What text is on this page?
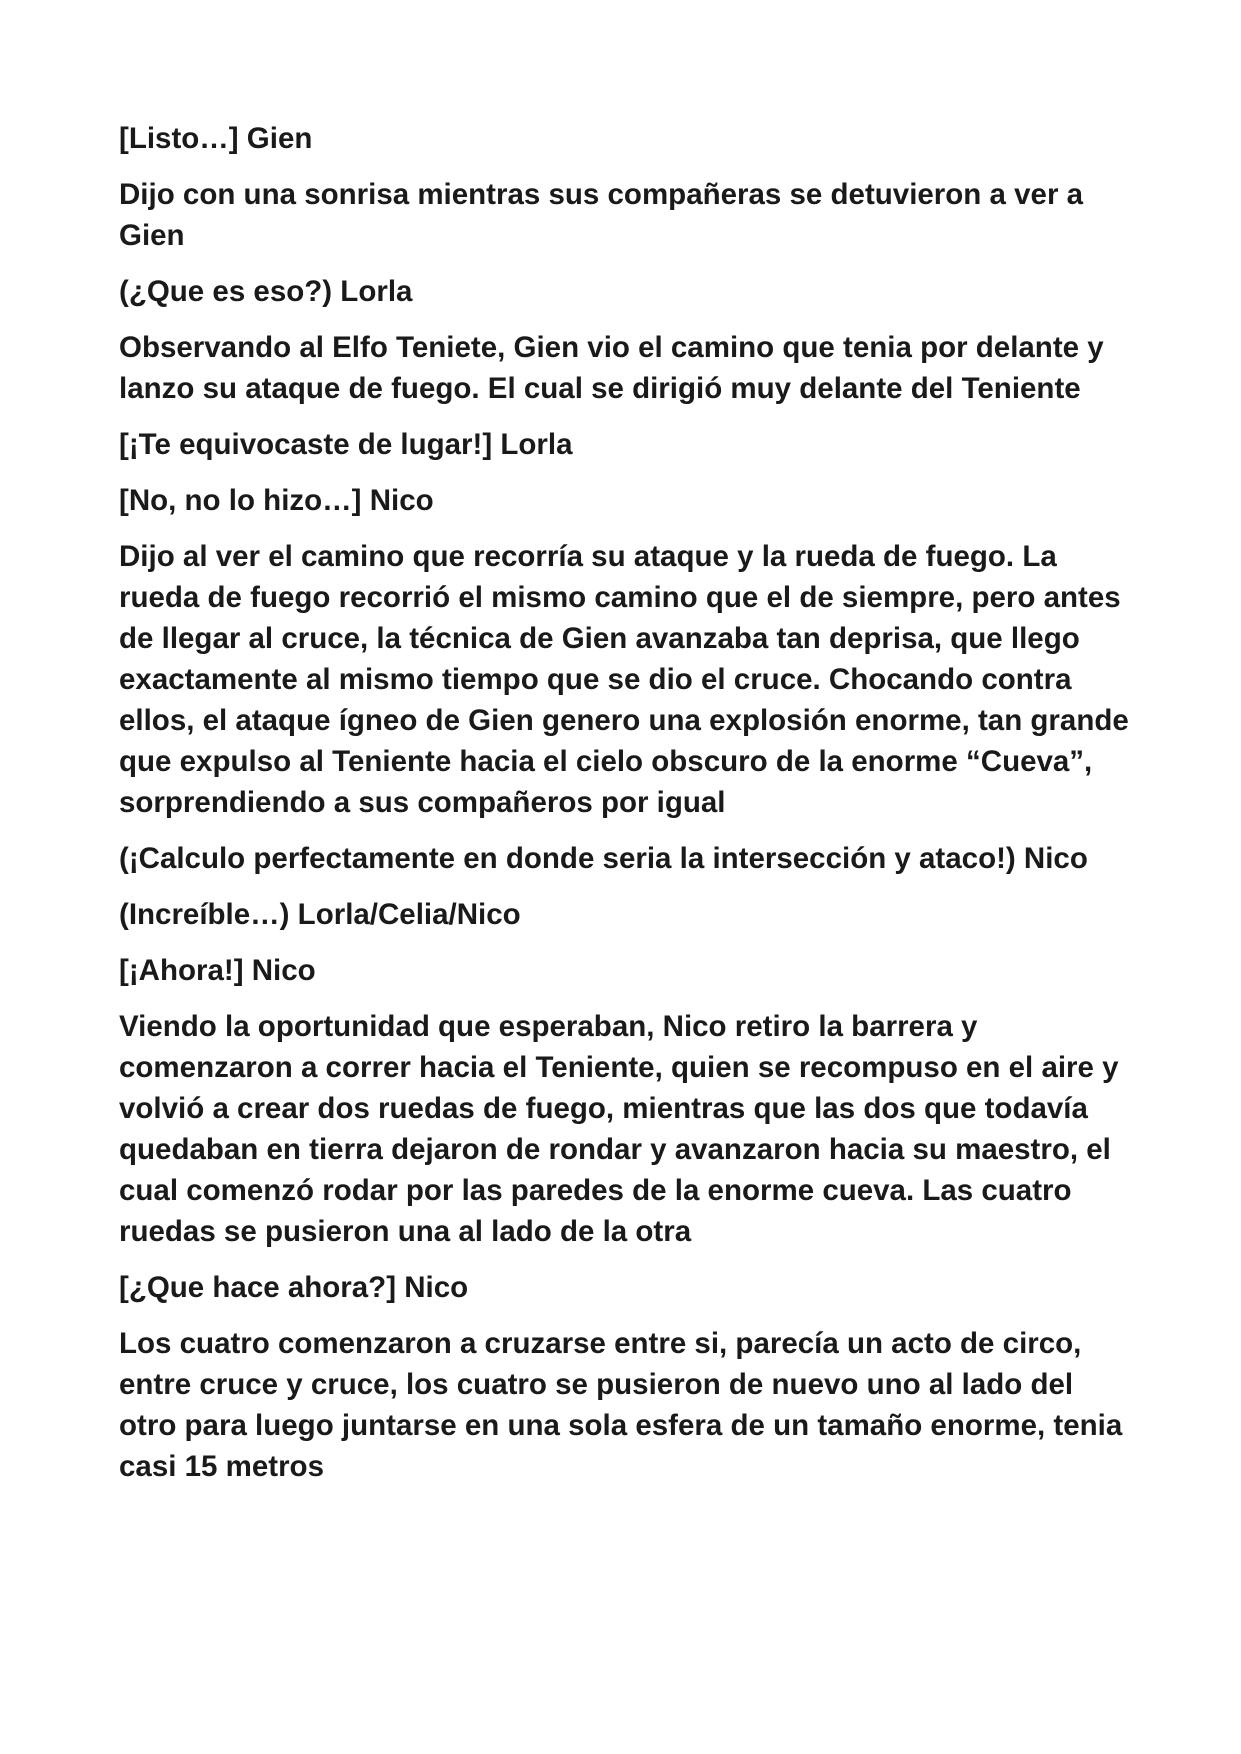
[Listo…] Gien

Dijo con una sonrisa mientras sus compañeras se detuvieron a ver a Gien

(¿Que es eso?) Lorla

Observando al Elfo Teniete, Gien vio el camino que tenia por delante y lanzo su ataque de fuego. El cual se dirigió muy delante del Teniente

[¡Te equivocaste de lugar!] Lorla

[No, no lo hizo…] Nico

Dijo al ver el camino que recorría su ataque y la rueda de fuego. La rueda de fuego recorrió el mismo camino que el de siempre, pero antes de llegar al cruce, la técnica de Gien avanzaba tan deprisa, que llego exactamente al mismo tiempo que se dio el cruce. Chocando contra ellos, el ataque ígneo de Gien genero una explosión enorme, tan grande que expulso al Teniente hacia el cielo obscuro de la enorme “Cueva”, sorprendiendo a sus compañeros por igual

(¡Calculo perfectamente en donde seria la intersección y ataco!) Nico

(Increíble…) Lorla/Celia/Nico

[¡Ahora!] Nico

Viendo la oportunidad que esperaban, Nico retiro la barrera y comenzaron a correr hacia el Teniente, quien se recompuso en el aire y volvió a crear dos ruedas de fuego, mientras que las dos que todavía quedaban en tierra dejaron de rondar y avanzaron hacia su maestro, el cual comenzó rodar por las paredes de la enorme cueva. Las cuatro ruedas se pusieron una al lado de la otra

[¿Que hace ahora?] Nico

Los cuatro comenzaron a cruzarse entre si, parecía un acto de circo, entre cruce y cruce, los cuatro se pusieron de nuevo uno al lado del otro para luego juntarse en una sola esfera de un tamaño enorme, tenia casi 15 metros
